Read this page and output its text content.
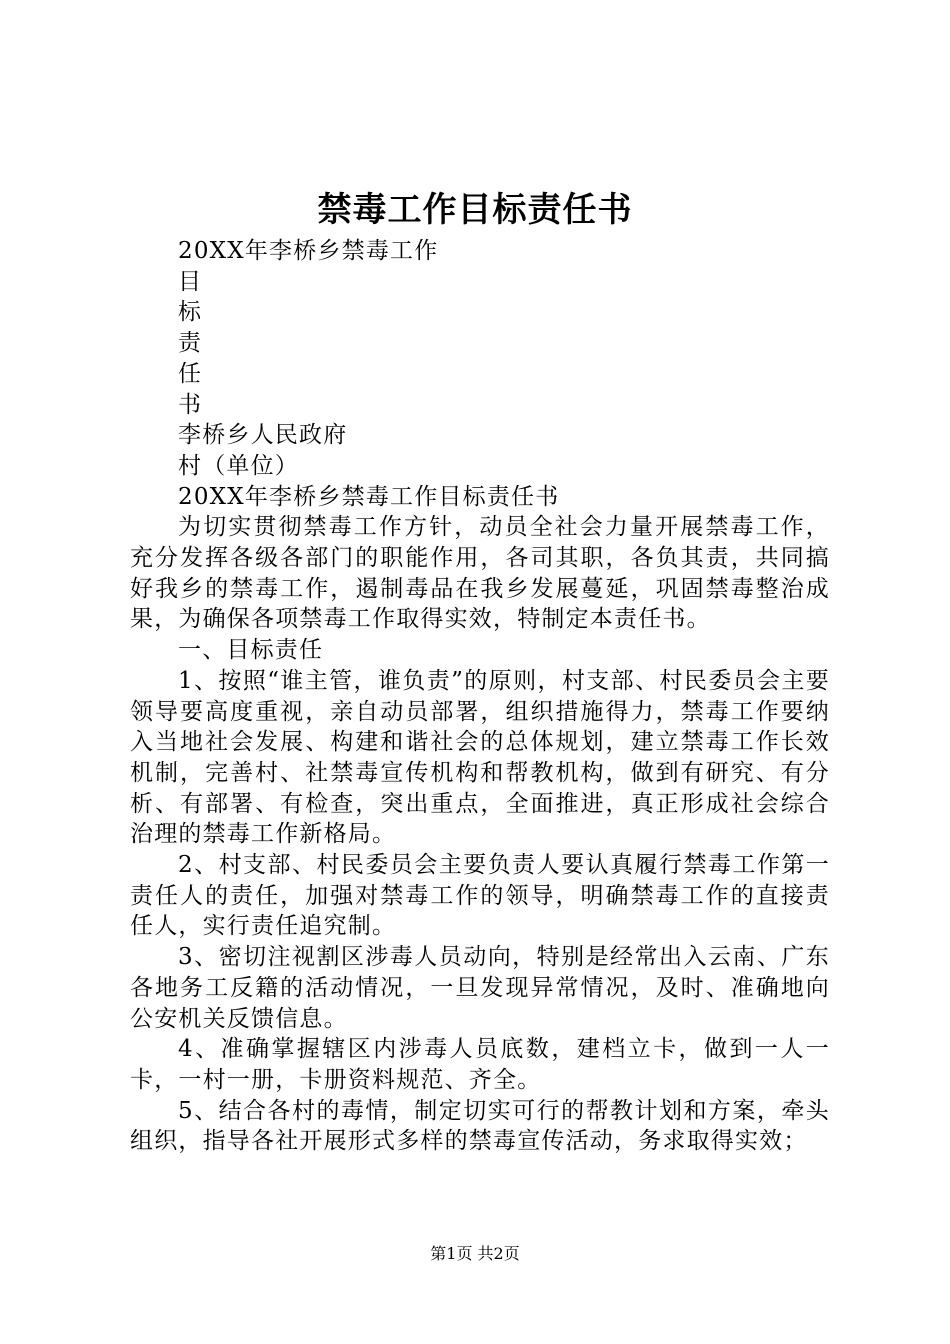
禁毒工作目标责任书

20XX年李桥乡禁毒工作

目

标

责

任

书

李桥乡人民政府

村（单位）

20XX年李桥乡禁毒工作目标责任书

为切实贯彻禁毒工作方针，动员全社会力量开展禁毒工作，充分发挥各级各部门的职能作用，各司其职，各负其责，共同搞好我乡的禁毒工作，遏制毒品在我乡发展蔓延，巩固禁毒整治成果，为确保各项禁毒工作取得实效，特制定本责任书。

一、目标责任

1、按照“谁主管，谁负责”的原则，村支部、村民委员会主要领导要高度重视，亲自动员部署，组织措施得力，禁毒工作要纳入当地社会发展、构建和谐社会的总体规划，建立禁毒工作长效机制，完善村、社禁毒宣传机构和帮教机构，做到有研究、有分析、有部署、有检查，突出重点，全面推进，真正形成社会综合治理的禁毒工作新格局。

2、村支部、村民委员会主要负责人要认真履行禁毒工作第一责任人的责任，加强对禁毒工作的领导，明确禁毒工作的直接责任人，实行责任追究制。

3、密切注视割区涉毒人员动向，特别是经常出入云南、广东各地务工反籍的活动情况，一旦发现异常情况，及时、准确地向公安机关反馈信息。

4、准确掌握辖区内涉毒人员底数，建档立卡，做到一人一卡，一村一册，卡册资料规范、齐全。

5、结合各村的毒情，制定切实可行的帮教计划和方案，牵头组织，指导各社开展形式多样的禁毒宣传活动，务求取得实效；

第1页 共2页
